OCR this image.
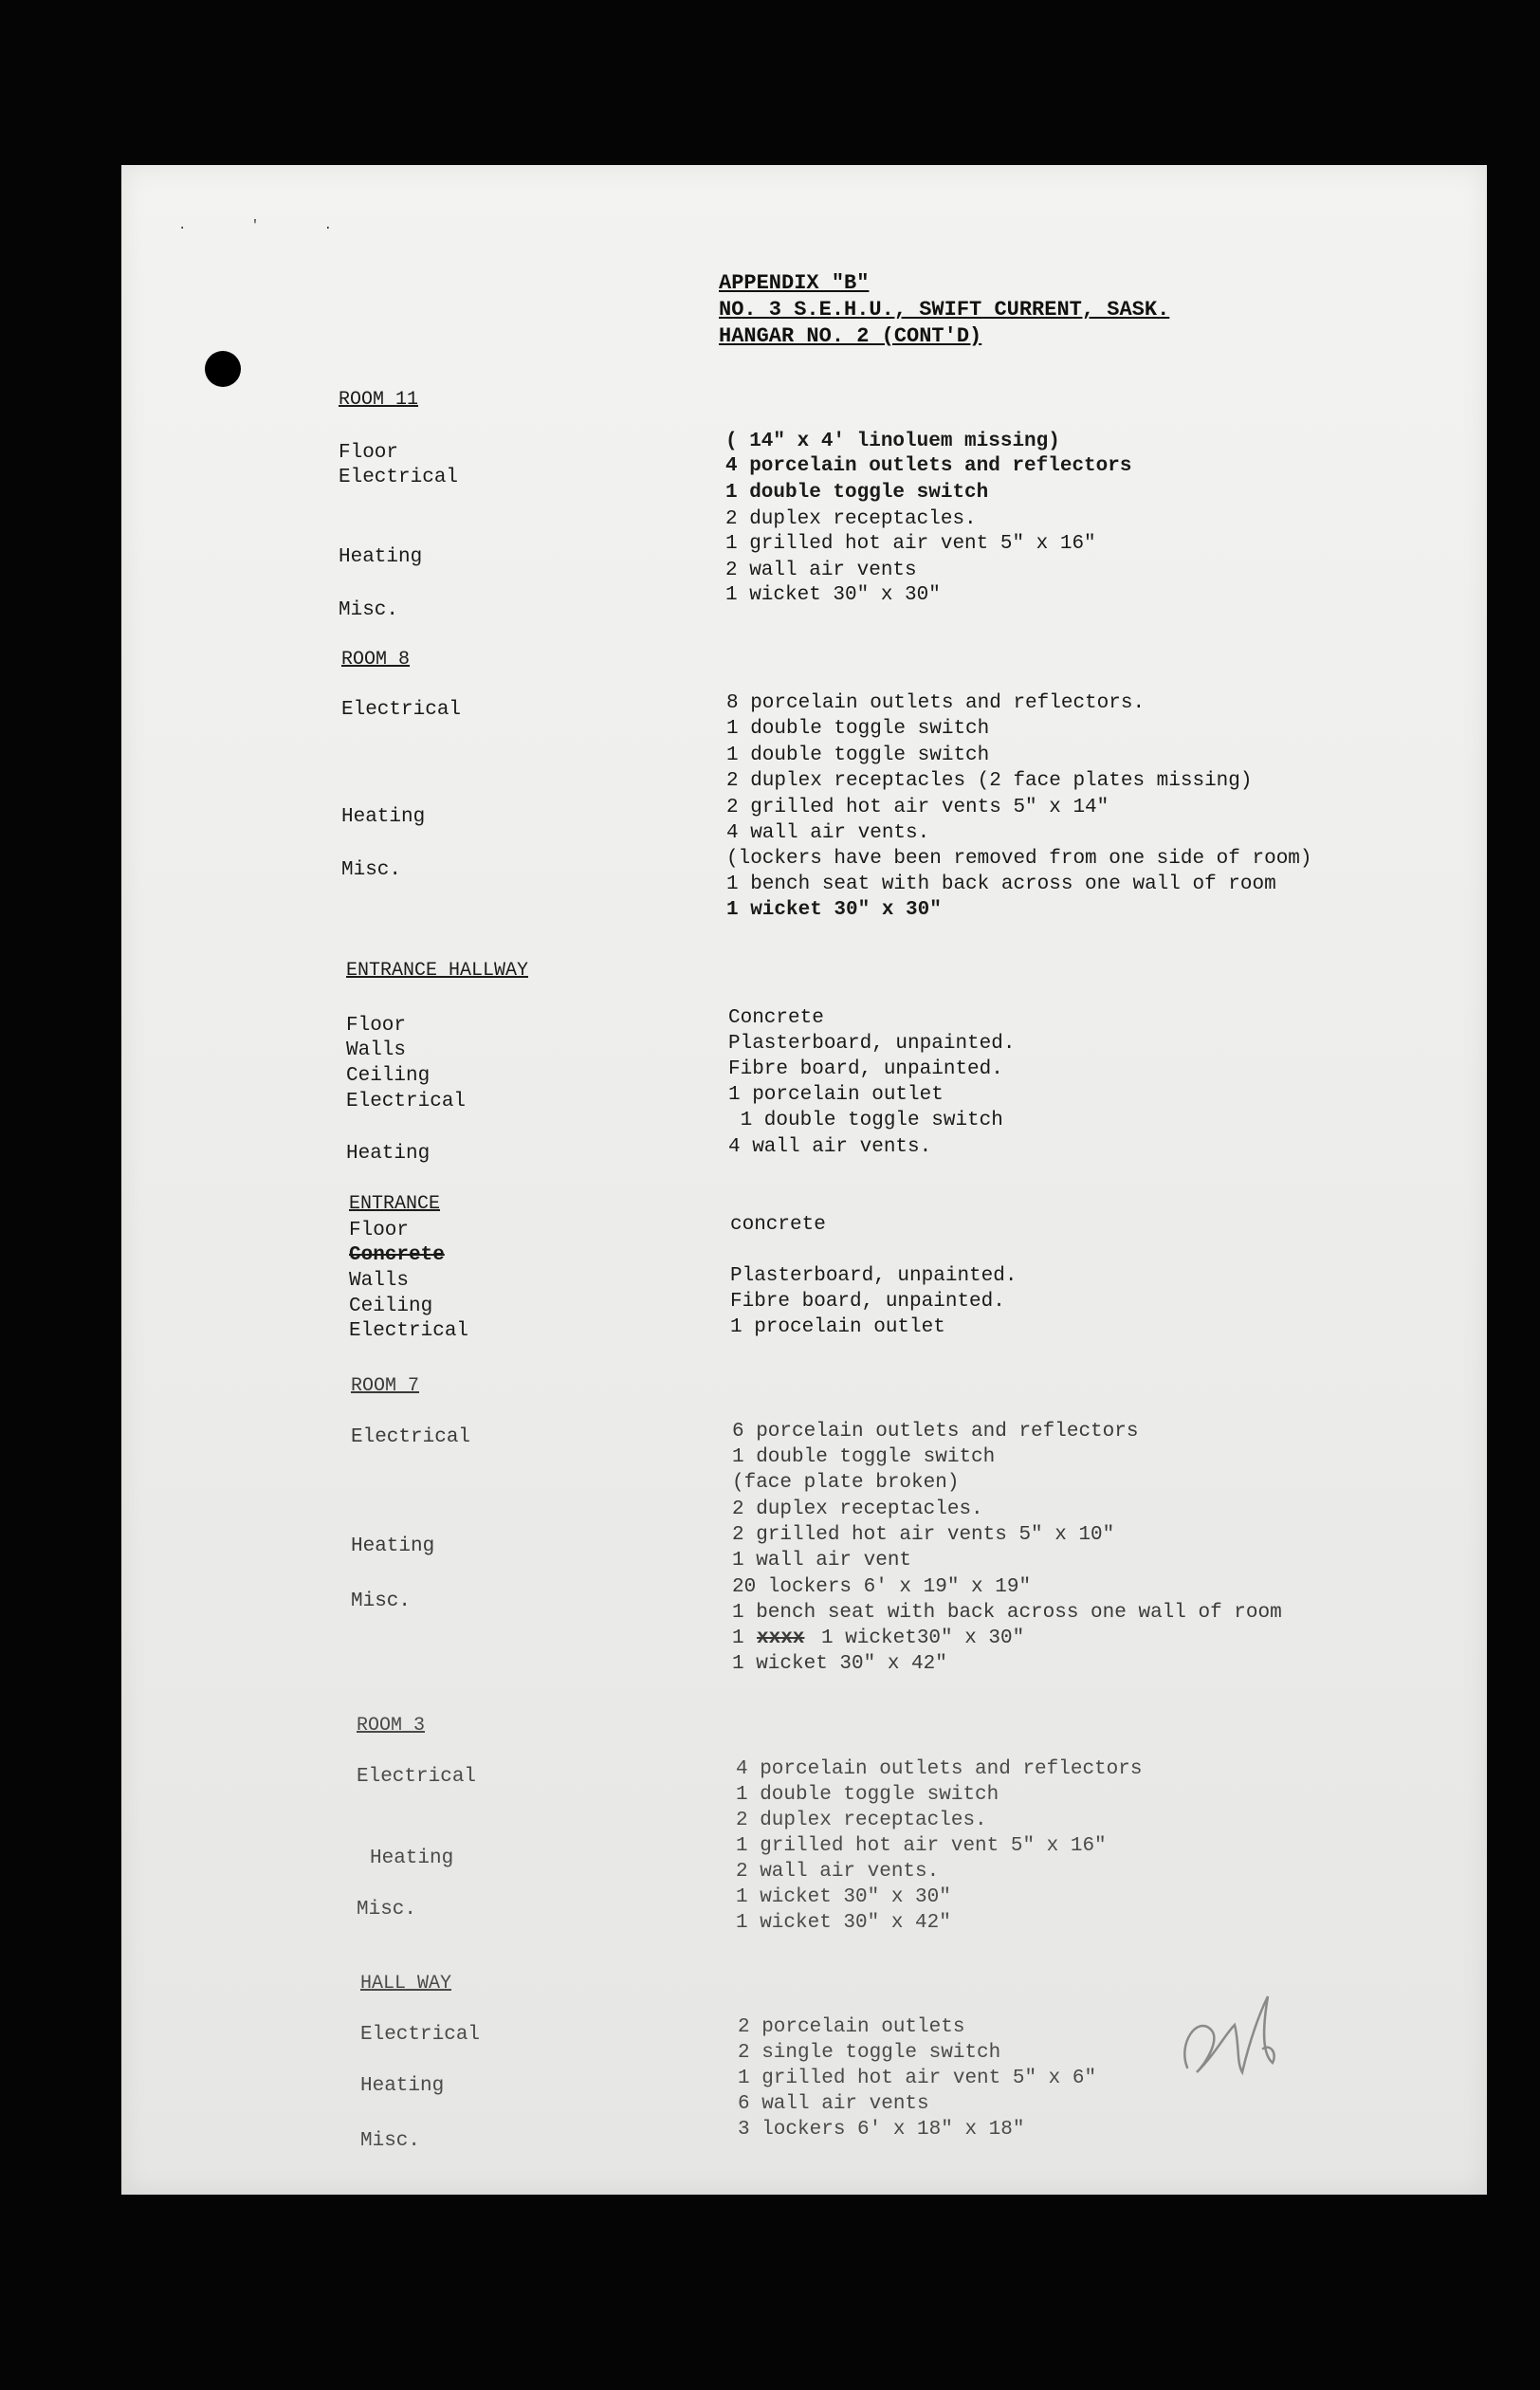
. ' .
APPENDIX "B"
NO. 3 S.E.H.U., SWIFT CURRENT, SASK.
HANGAR NO. 2 (CONT'D)
ROOM 11
Floor
Electrical
Heating
Misc.
( 14" x 4' linoluem missing)
4 porcelain outlets and reflectors
1 double toggle switch
2 duplex receptacles.
1 grilled hot air vent 5" x 16"
2 wall air vents
1 wicket 30" x 30"
ROOM 8
Electrical
Heating
Misc.
8 porcelain outlets and reflectors.
1 double toggle switch
1 double toggle switch
2 duplex receptacles (2 face plates missing)
2 grilled hot air vents 5" x 14"
4 wall air vents.
(lockers have been removed from one side of room)
1 bench seat with back across one wall of room
1 wicket 30" x 30"
ENTRANCE HALLWAY
Floor
Walls
Ceiling
Electrical
Heating
Concrete
Plasterboard, unpainted.
Fibre board, unpainted.
1 porcelain outlet
1 double toggle switch
4 wall air vents.
ENTRANCE
Floor
Concrete
Walls
Ceiling
Electrical
concrete
Plasterboard, unpainted.
Fibre board, unpainted.
1 procelain outlet
ROOM 7
Electrical
Heating
Misc.
6 porcelain outlets and reflectors
1 double toggle switch
(face plate broken)
2 duplex receptacles.
2 grilled hot air vents 5" x 10"
1 wall air vent
20 lockers 6' x 19" x 19"
1 bench seat with back across one wall of room
1 xxxx 1 wicket30" x 30"
1 wicket 30" x 42"
ROOM 3
Electrical
Heating
Misc.
4 porcelain outlets and reflectors
1 double toggle switch
2 duplex receptacles.
1 grilled hot air vent 5" x 16"
2 wall air vents.
1 wicket 30" x 30"
1 wicket 30" x 42"
HALL WAY
Electrical
Heating
Misc.
2 porcelain outlets
2 single toggle switch
1 grilled hot air vent 5" x 6"
6 wall air vents
3 lockers 6' x 18" x 18"
